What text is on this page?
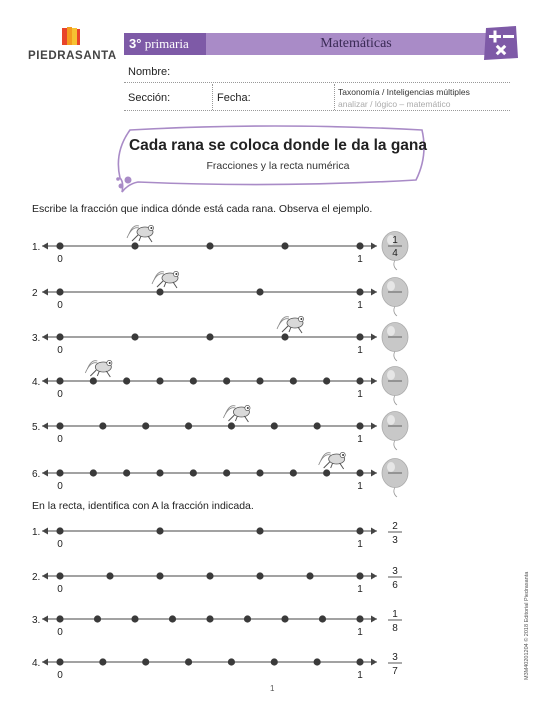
PIEDRASANTA
3° primaria	Matemáticas
Nombre:
Sección:	Fecha:	Taxonomía / Inteligencias múltiples
analizar / lógico – matemático
Cada rana se coloca donde le da la gana
Fracciones y la recta numérica
Escribe la fracción que indica dónde está cada rana. Observa el ejemplo.
En la recta, identifica con A la fracción indicada.
1.
0	1
1
4
2
0	1
3.
0	1
4.
0	1
5.
0	1
6.
0	1
1.
0	1
2
3
2.
0	1
3
6
3.
0	1
1
8
4.
0	1
3
7	M3M40201204 © 2018 Editorial Piedrasanta
1
